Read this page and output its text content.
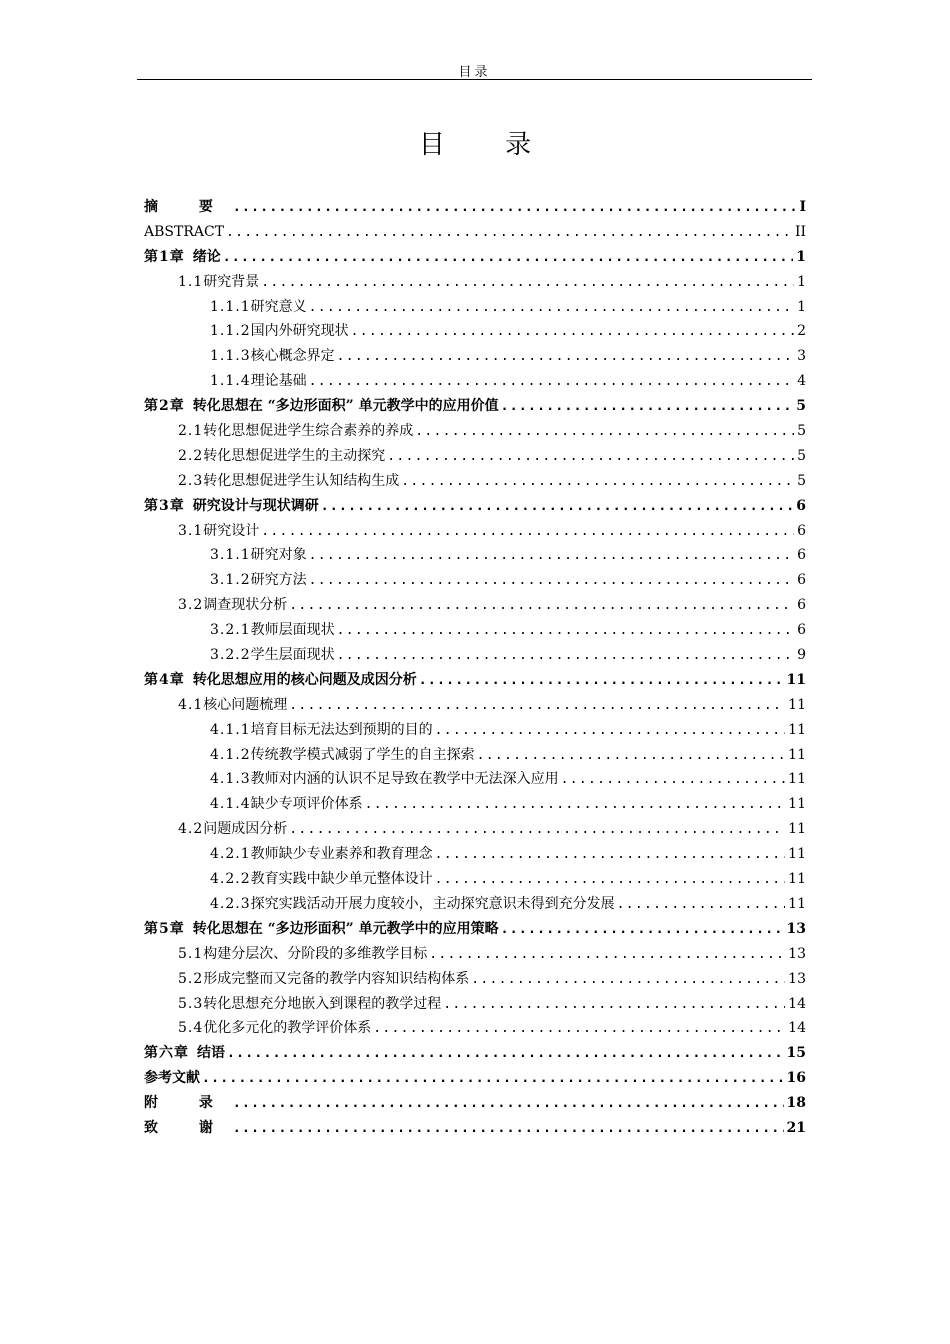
目录
目 录
摘 要 .....	I
ABSTRACT .....	II
第1章 绪论 .....	1
1.1 研究背景 .....	1
1.1.1 研究意义 .....	1
1.1.2 国内外研究现状 .....	2
1.1.3 核心概念界定 .....	3
1.1.4 理论基础 .....	4
第2章 转化思想在 “多边形面积” 单元教学中的应用价值 .....	5
2.1 转化思想促进学生综合素养的养成 .....	5
2.2 转化思想促进学生的主动探究 .....	5
2.3 转化思想促进学生认知结构生成 .....	5
第3章 研究设计与现状调研 .....	6
3.1 研究设计 .....	6
3.1.1 研究对象 .....	6
3.1.2 研究方法 .....	6
3.2 调查现状分析 .....	6
3.2.1 教师层面现状 .....	6
3.2.2 学生层面现状 .....	9
第4章 转化思想应用的核心问题及成因分析 .....	11
4.1 核心问题梳理 .....	11
4.1.1 培育目标无法达到预期的目的 .....	11
4.1.2 传统教学模式减弱了学生的自主探索 .....	11
4.1.3 教师对内涵的认识不足导致在教学中无法深入应用 .....	11
4.1.4 缺少专项评价体系 .....	11
4.2 问题成因分析 .....	11
4.2.1 教师缺少专业素养和教育理念 .....	11
4.2.2 教育实践中缺少单元整体设计 .....	11
4.2.3 探究实践活动开展力度较小，主动探究意识未得到充分发展 .....	11
第5章 转化思想在 “多边形面积” 单元教学中的应用策略 .....	13
5.1 构建分层次、分阶段的多维教学目标 .....	13
5.2 形成完整而又完备的教学内容知识结构体系 .....	13
5.3 转化思想充分地嵌入到课程的教学过程 .....	14
5.4 优化多元化的教学评价体系 .....	14
第六章 结语 .....	15
参考文献 .....	16
附 录 .....	18
致 谢 .....	21
